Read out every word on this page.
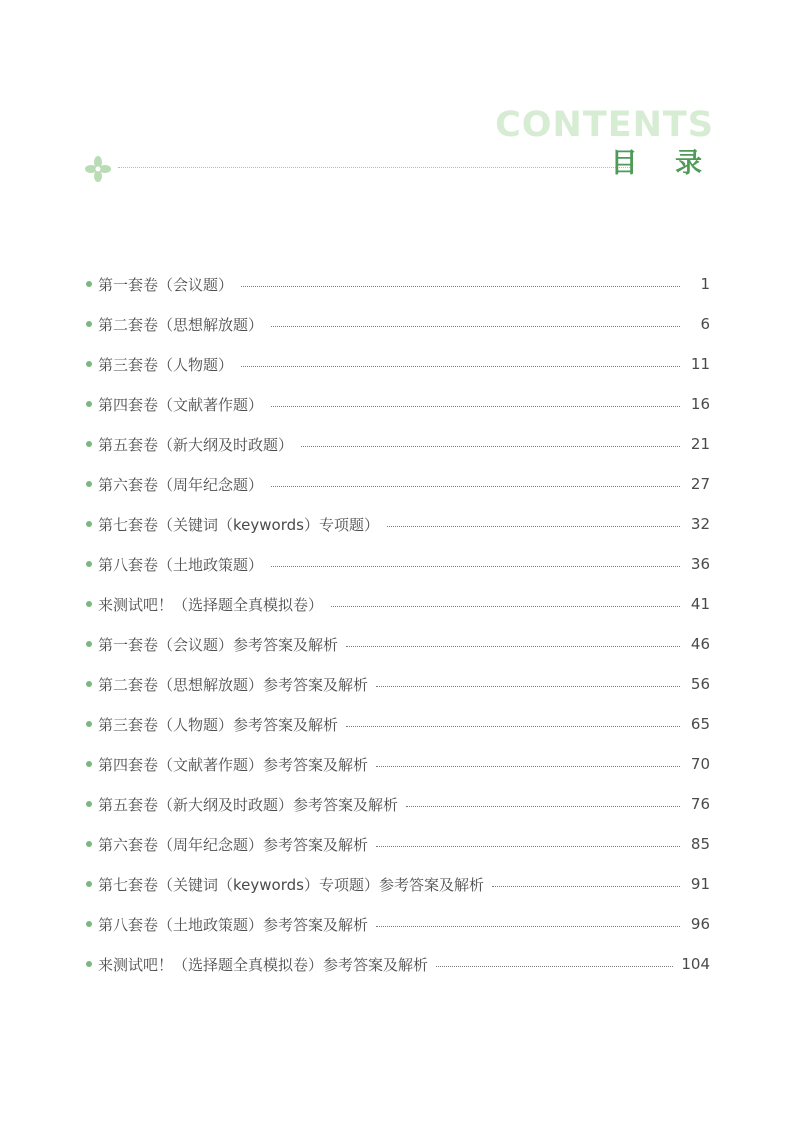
CONTENTS
目 录
第一套卷（会议题）	1
第二套卷（思想解放题）	6
第三套卷（人物题）	11
第四套卷（文献著作题）	16
第五套卷（新大纲及时政题）	21
第六套卷（周年纪念题）	27
第七套卷（关键词（keywords）专项题）	32
第八套卷（土地政策题）	36
来测试吧！（选择题全真模拟卷）	41
第一套卷（会议题）参考答案及解析	46
第二套卷（思想解放题）参考答案及解析	56
第三套卷（人物题）参考答案及解析	65
第四套卷（文献著作题）参考答案及解析	70
第五套卷（新大纲及时政题）参考答案及解析	76
第六套卷（周年纪念题）参考答案及解析	85
第七套卷（关键词（keywords）专项题）参考答案及解析	91
第八套卷（土地政策题）参考答案及解析	96
来测试吧！（选择题全真模拟卷）参考答案及解析	104
